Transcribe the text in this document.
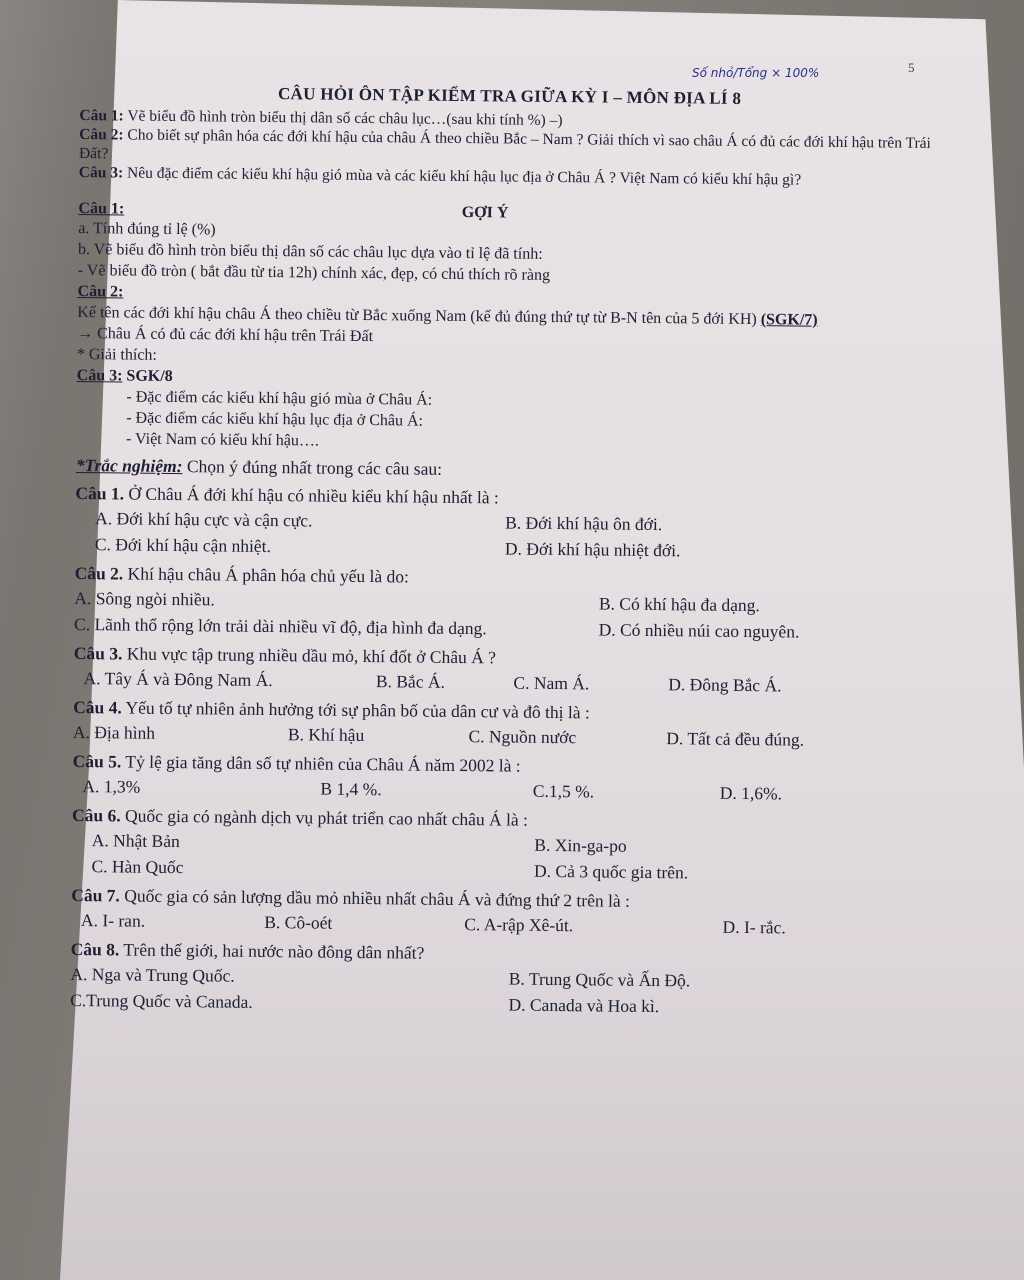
5
Số nhỏ/Tổng × 100%
CÂU HỎI ÔN TẬP KIỂM TRA GIỮA KỲ I – MÔN ĐỊA LÍ 8

Câu 1: Vẽ biểu đồ hình tròn biểu thị dân số các châu lục…(sau khi tính %) –)

Câu 2: Cho biết sự phân hóa các đới khí hậu của châu Á theo chiều Bắc – Nam ? Giải thích vì sao châu Á có đủ các đới khí hậu trên Trái Đất?

Câu 3: Nêu đặc điểm các kiểu khí hậu gió mùa và các kiểu khí hậu lục địa ở Châu Á ? Việt Nam có kiểu khí hậu gì?

Câu 1:	GỢI Ý

a. Tính đúng tỉ lệ (%)

b. Vẽ biểu đồ hình tròn biểu thị dân số các châu lục dựa vào tỉ lệ đã tính:

- Vẽ biểu đồ tròn ( bắt đầu từ tia 12h) chính xác, đẹp, có chú thích rõ ràng

Câu 2:

Kể tên các đới khí hậu châu Á theo chiều từ Bắc xuống Nam (kể đủ đúng thứ tự từ B-N tên của 5 đới KH) (SGK/7)

→ Châu Á có đủ các đới khí hậu trên Trái Đất

* Giải thích:

Câu 3: SGK/8

- Đặc điểm các kiểu khí hậu gió mùa ở Châu Á:

- Đặc điểm các kiểu khí hậu lục địa ở Châu Á:

- Việt Nam có kiểu khí hậu….

*Trắc nghiệm: Chọn ý đúng nhất trong các câu sau:

Câu 1. Ở Châu Á đới khí hậu có nhiều kiểu khí hậu nhất là :

A. Đới khí hậu cực và cận cực.	B. Đới khí hậu ôn đới.
C. Đới khí hậu cận nhiệt.	D. Đới khí hậu nhiệt đới.

Câu 2. Khí hậu châu Á phân hóa chủ yếu là do:

A. Sông ngòi nhiều.	B. Có khí hậu đa dạng.
C. Lãnh thổ rộng lớn trải dài nhiều vĩ độ, địa hình đa dạng.	D. Có nhiều núi cao nguyên.

Câu 3. Khu vực tập trung nhiều dầu mỏ, khí đốt ở Châu Á ?

A. Tây Á và Đông Nam Á.	B. Bắc Á.	C. Nam Á.	D. Đông Bắc Á.

Câu 4. Yếu tố tự nhiên ảnh hưởng tới sự phân bố của dân cư và đô thị là :

A. Địa hình	B. Khí hậu	C. Nguồn nước	D. Tất cả đều đúng.

Câu 5. Tỷ lệ gia tăng dân số tự nhiên của Châu Á năm 2002 là :

A. 1,3%	B 1,4 %.	C.1,5 %.	D. 1,6%.

Câu 6. Quốc gia có ngành dịch vụ phát triển cao nhất châu Á là :

A. Nhật Bản	B. Xin-ga-po
C. Hàn Quốc	D. Cả 3 quốc gia trên.

Câu 7. Quốc gia có sản lượng dầu mỏ nhiều nhất châu Á và đứng thứ 2 trên là :

A. I- ran.	B. Cô-oét	C. A-rập Xê-út.	D. I- rắc.

Câu 8. Trên thế giới, hai nước nào đông dân nhất?

A. Nga và Trung Quốc.	B. Trung Quốc và Ấn Độ.
C.Trung Quốc và Canada.	D. Canada và Hoa kì.
